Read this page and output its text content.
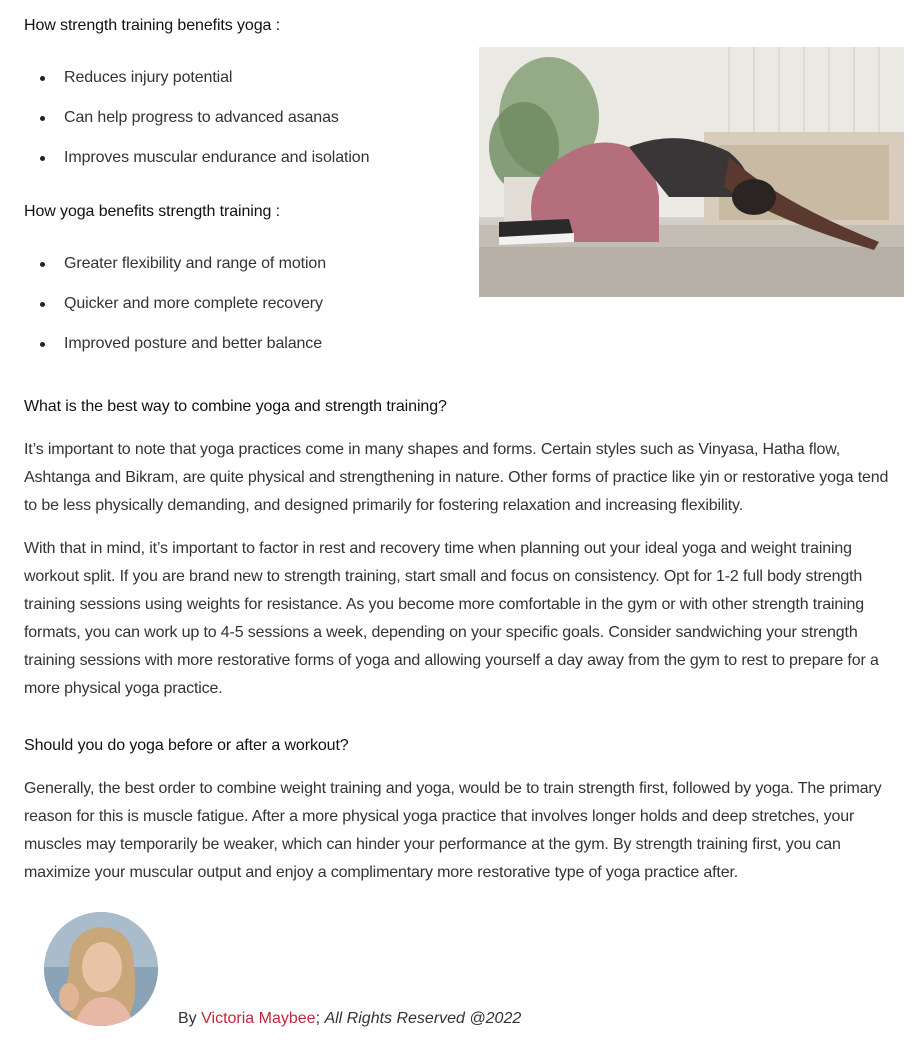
How strength training benefits yoga :
Reduces injury potential
Can help progress to advanced asanas
Improves muscular endurance and isolation
How yoga benefits strength training :
Greater flexibility and range of motion
Quicker and more complete recovery
Improved posture and better balance
What is the best way to combine yoga and strength training?

It’s important to note that yoga practices come in many shapes and forms. Certain styles such as Vinyasa, Hatha flow, Ashtanga and Bikram, are quite physical and strengthening in nature. Other forms of practice like yin or restorative yoga tend to be less physically demanding, and designed primarily for fostering relaxation and increasing flexibility.

With that in mind, it’s important to factor in rest and recovery time when planning out your ideal yoga and weight training workout split. If you are brand new to strength training, start small and focus on consistency. Opt for 1-2 full body strength training sessions using weights for resistance. As you become more comfortable in the gym or with other strength training formats, you can work up to 4-5 sessions a week, depending on your specific goals. Consider sandwiching your strength training sessions with more restorative forms of yoga and allowing yourself a day away from the gym to rest to prepare for a more physical yoga practice.

Should you do yoga before or after a workout?

Generally, the best order to combine weight training and yoga, would be to train strength first, followed by yoga. The primary reason for this is muscle fatigue. After a more physical yoga practice that involves longer holds and deep stretches, your muscles may temporarily be weaker, which can hinder your performance at the gym. By strength training first, you can maximize your muscular output and enjoy a complimentary more restorative type of yoga practice after.

By Victoria Maybee; All Rights Reserved @2022
